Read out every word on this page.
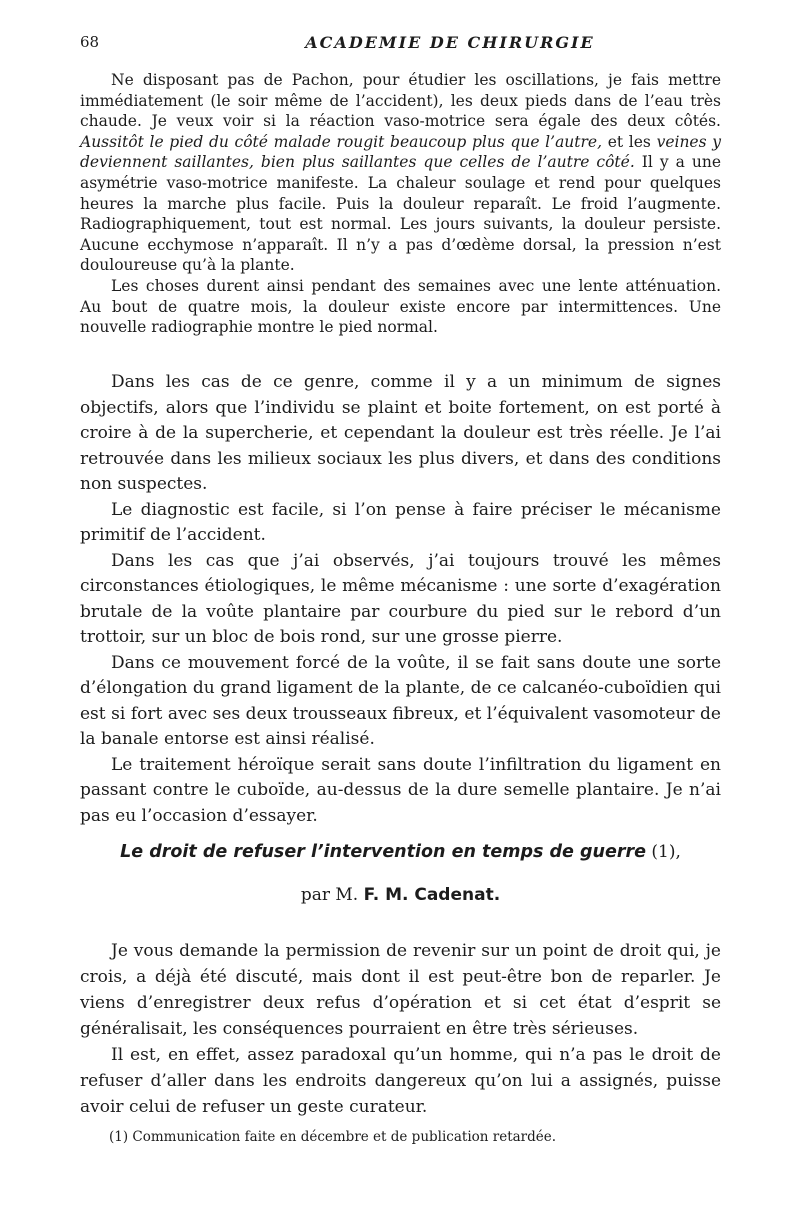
68	ACADEMIE DE CHIRURGIE

Ne disposant pas de Pachon, pour étudier les oscillations, je fais mettre immédiatement (le soir même de l’accident), les deux pieds dans de l’eau très chaude. Je veux voir si la réaction vaso-motrice sera égale des deux côtés. Aussitôt le pied du côté malade rougit beaucoup plus que l’autre, et les veines y deviennent saillantes, bien plus saillantes que celles de l’autre côté. Il y a une asymétrie vaso-motrice manifeste. La chaleur soulage et rend pour quelques heures la marche plus facile. Puis la douleur reparaît. Le froid l’augmente. Radiographiquement, tout est normal. Les jours suivants, la douleur persiste. Aucune ecchymose n’apparaît. Il n’y a pas d’œdème dorsal, la pression n’est douloureuse qu’à la plante.

Les choses durent ainsi pendant des semaines avec une lente atténuation. Au bout de quatre mois, la douleur existe encore par intermittences. Une nouvelle radiographie montre le pied normal.

Dans les cas de ce genre, comme il y a un minimum de signes objectifs, alors que l’individu se plaint et boite fortement, on est porté à croire à de la supercherie, et cependant la douleur est très réelle. Je l’ai retrouvée dans les milieux sociaux les plus divers, et dans des conditions non suspectes.

Le diagnostic est facile, si l’on pense à faire préciser le mécanisme primitif de l’accident.

Dans les cas que j’ai observés, j’ai toujours trouvé les mêmes circonstances étiologiques, le même mécanisme : une sorte d’exagération brutale de la voûte plantaire par courbure du pied sur le rebord d’un trottoir, sur un bloc de bois rond, sur une grosse pierre.

Dans ce mouvement forcé de la voûte, il se fait sans doute une sorte d’élongation du grand ligament de la plante, de ce calcanéo-cuboïdien qui est si fort avec ses deux trousseaux fibreux, et l’équivalent vasomoteur de la banale entorse est ainsi réalisé.

Le traitement héroïque serait sans doute l’infiltration du ligament en passant contre le cuboïde, au-dessus de la dure semelle plantaire. Je n’ai pas eu l’occasion d’essayer.

Le droit de refuser l’intervention en temps de guerre (1),
par M. F. M. Cadenat.

Je vous demande la permission de revenir sur un point de droit qui, je crois, a déjà été discuté, mais dont il est peut-être bon de reparler. Je viens d’enregistrer deux refus d’opération et si cet état d’esprit se généralisait, les conséquences pourraient en être très sérieuses.

Il est, en effet, assez paradoxal qu’un homme, qui n’a pas le droit de refuser d’aller dans les endroits dangereux qu’on lui a assignés, puisse avoir celui de refuser un geste curateur.

(1) Communication faite en décembre et de publication retardée.
